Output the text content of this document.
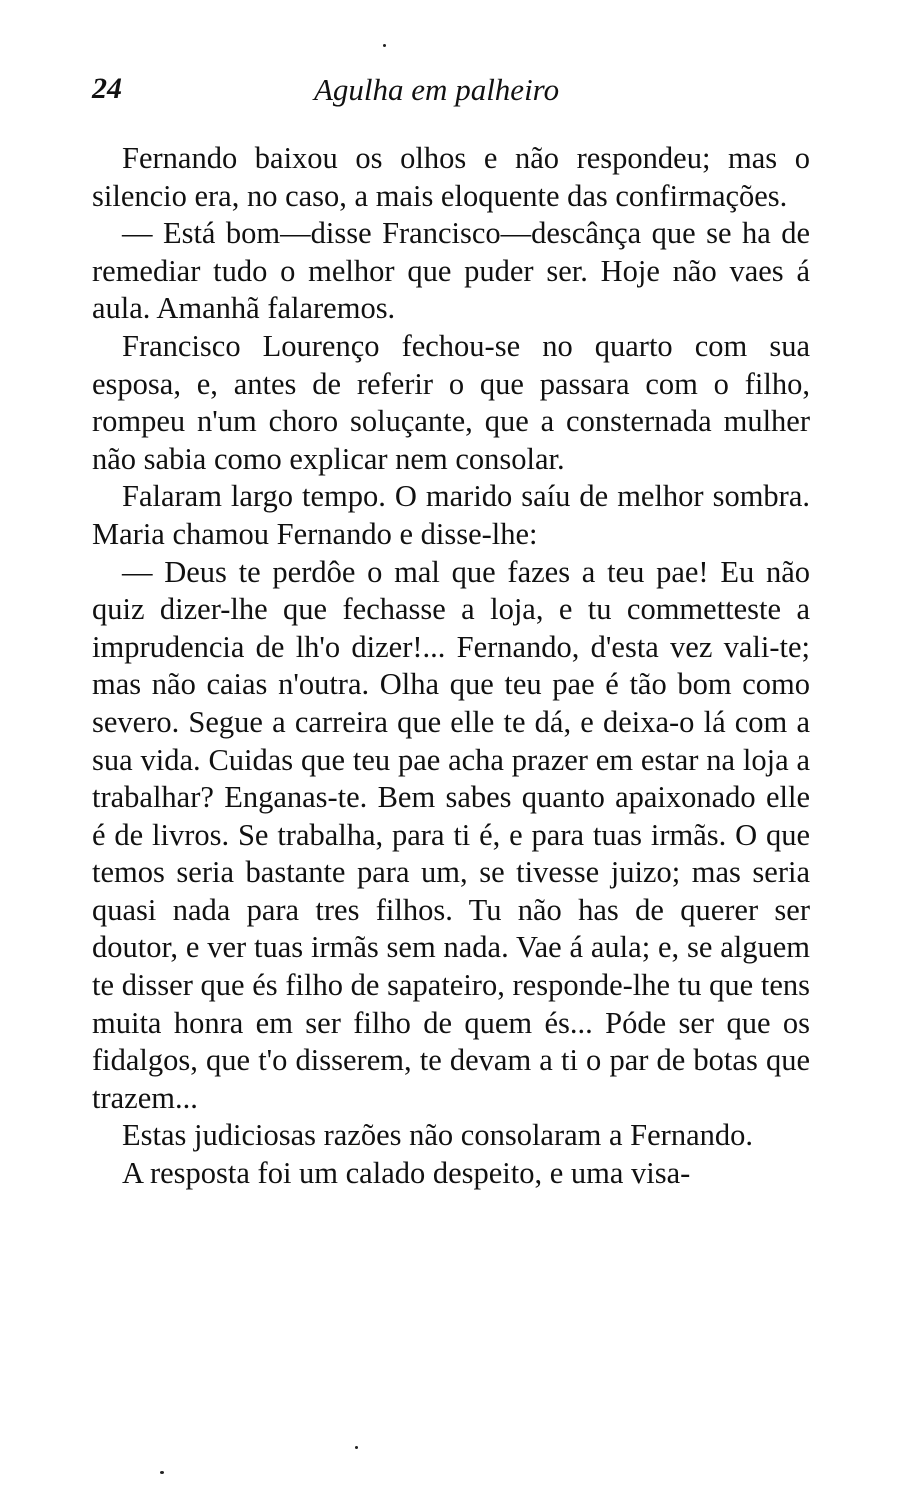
24	Agulha em palheiro

Fernando baixou os olhos e não respondeu; mas o silencio era, no caso, a mais eloquente das confirmações.

— Está bom—disse Francisco—descânça que se ha de remediar tudo o melhor que puder ser. Hoje não vaes á aula. Amanhã falaremos.

Francisco Lourenço fechou-se no quarto com sua esposa, e, antes de referir o que passara com o filho, rompeu n'um choro soluçante, que a consternada mulher não sabia como explicar nem consolar.

Falaram largo tempo. O marido saíu de melhor sombra. Maria chamou Fernando e disse-lhe:

— Deus te perdôe o mal que fazes a teu pae! Eu não quiz dizer-lhe que fechasse a loja, e tu commetteste a imprudencia de lh'o dizer!... Fernando, d'esta vez vali-te; mas não caias n'outra. Olha que teu pae é tão bom como severo. Segue a carreira que elle te dá, e deixa-o lá com a sua vida. Cuidas que teu pae acha prazer em estar na loja a trabalhar? Enganas-te. Bem sabes quanto apaixonado elle é de livros. Se trabalha, para ti é, e para tuas irmãs. O que temos seria bastante para um, se tivesse juizo; mas seria quasi nada para tres filhos. Tu não has de querer ser doutor, e ver tuas irmãs sem nada. Vae á aula; e, se alguem te disser que és filho de sapateiro, responde-lhe tu que tens muita honra em ser filho de quem és... Póde ser que os fidalgos, que t'o disserem, te devam a ti o par de botas que trazem...

Estas judiciosas razões não consolaram a Fernando.

A resposta foi um calado despeito, e uma visa-
